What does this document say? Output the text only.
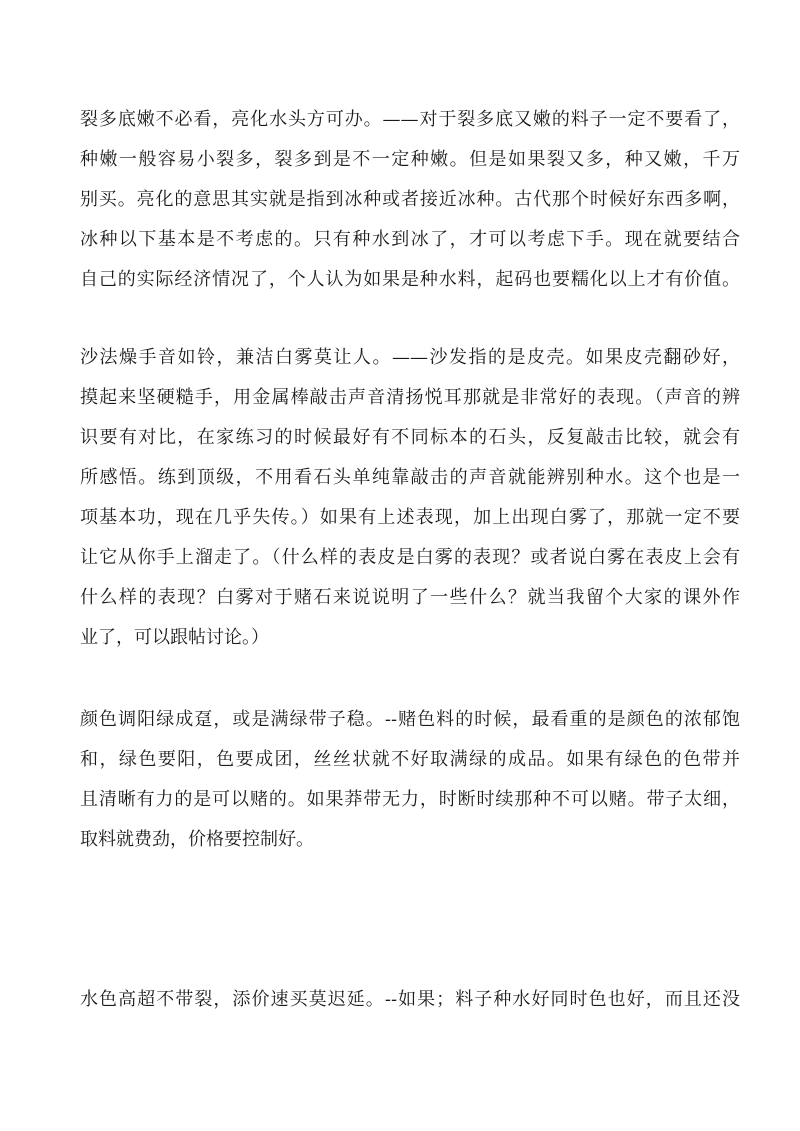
裂多底嫩不必看，亮化水头方可办。——对于裂多底又嫩的料子一定不要看了，
种嫩一般容易小裂多，裂多到是不一定种嫩。但是如果裂又多，种又嫩，千万
别买。亮化的意思其实就是指到冰种或者接近冰种。古代那个时候好东西多啊，
冰种以下基本是不考虑的。只有种水到冰了，才可以考虑下手。现在就要结合
自己的实际经济情况了，个人认为如果是种水料，起码也要糯化以上才有价值。
沙法燥手音如铃，兼洁白雾莫让人。——沙发指的是皮壳。如果皮壳翻砂好，
摸起来坚硬糙手，用金属棒敲击声音清扬悦耳那就是非常好的表现。（声音的辨
识要有对比，在家练习的时候最好有不同标本的石头，反复敲击比较，就会有
所感悟。练到顶级，不用看石头单纯靠敲击的声音就能辨别种水。这个也是一
项基本功，现在几乎失传。）如果有上述表现，加上出现白雾了，那就一定不要
让它从你手上溜走了。（什么样的表皮是白雾的表现？或者说白雾在表皮上会有
什么样的表现？白雾对于赌石来说说明了一些什么？就当我留个大家的课外作
业了，可以跟帖讨论。）
颜色调阳绿成趸，或是满绿带子稳。--赌色料的时候，最看重的是颜色的浓郁饱
和，绿色要阳，色要成团，丝丝状就不好取满绿的成品。如果有绿色的色带并
且清晰有力的是可以赌的。如果莽带无力，时断时续那种不可以赌。带子太细，
取料就费劲，价格要控制好。
水色高超不带裂，添价速买莫迟延。--如果；料子种水好同时色也好，而且还没
